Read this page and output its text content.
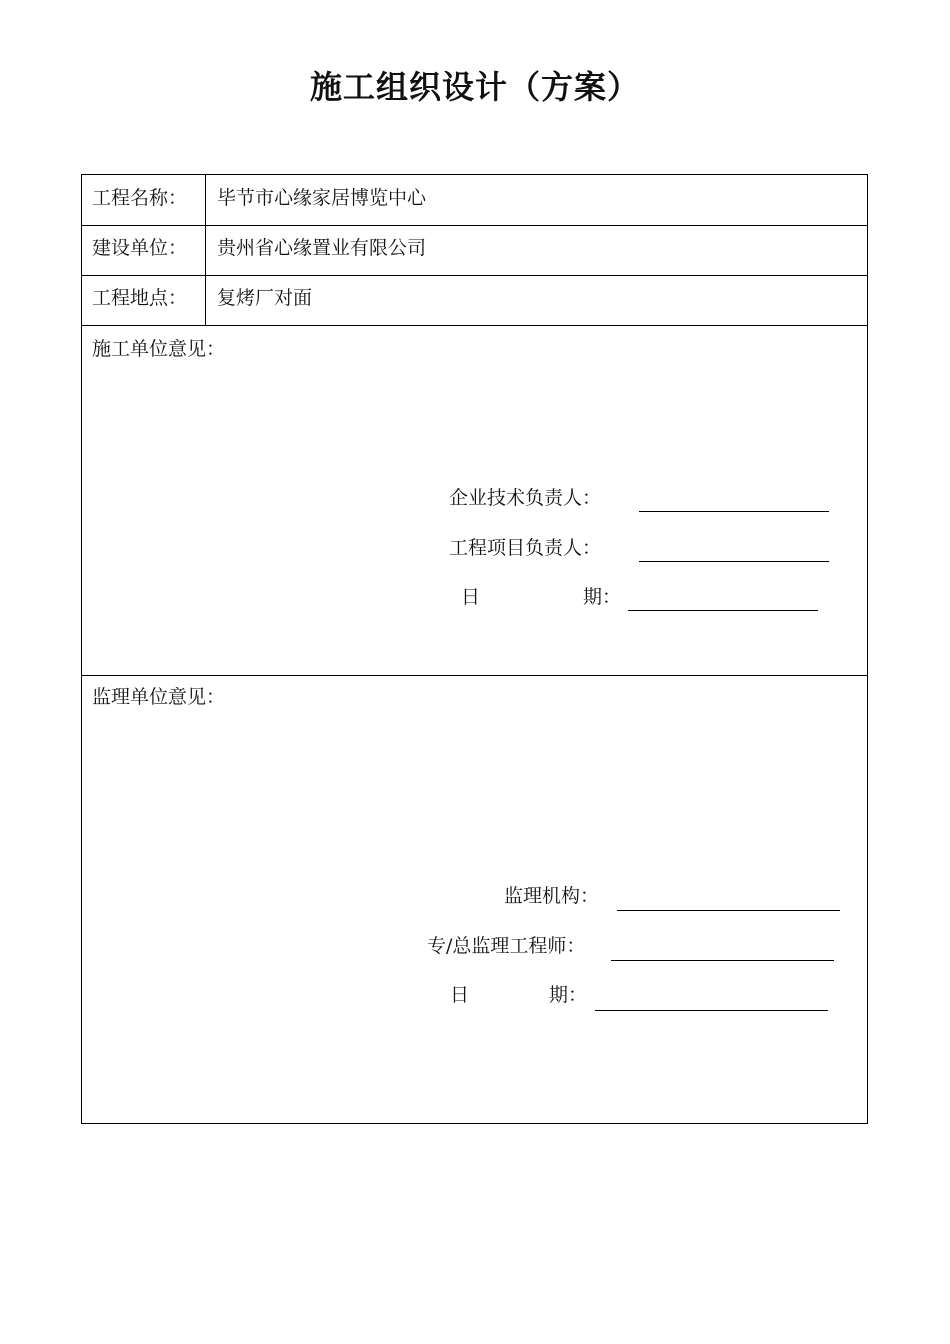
施工组织设计（方案）
工程名称： 毕节市心缘家居博览中心
建设单位： 贵州省心缘置业有限公司
工程地点： 复烤厂对面
施工单位意见：
企业技术负责人：
工程项目负责人：
日	期：
监理单位意见：
监理机构：
专/总监理工程师：
日	期：
